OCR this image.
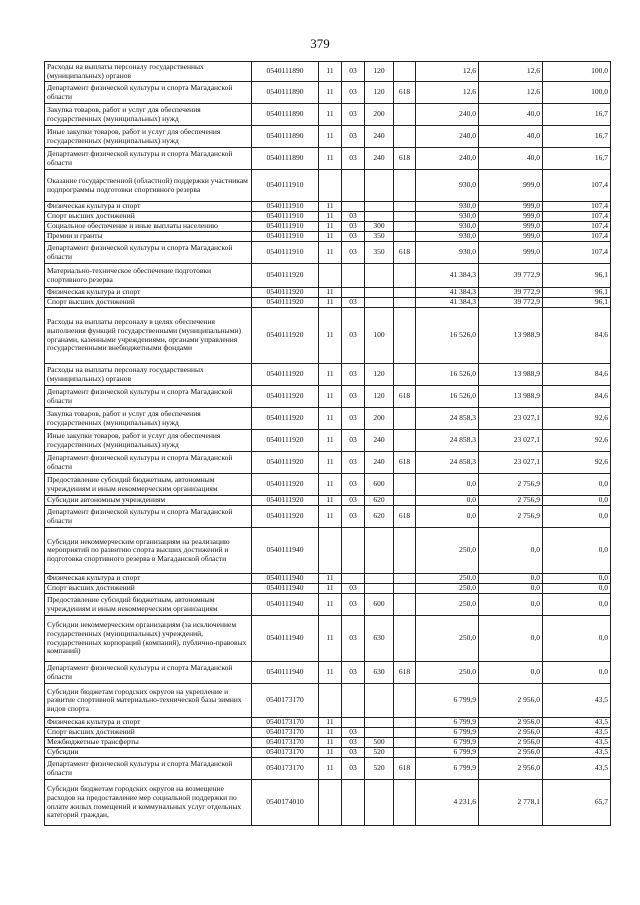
379
Расходы на выплаты персоналу государственных (муниципальных) органов	0540111890	11	03	120		12,6	12,6	100,0
Департамент физической культуры и спорта Магаданской области	0540111890	11	03	120	618	12,6	12,6	100,0
Закупка товаров, работ и услуг для обеспечения государственных (муниципальных) нужд	0540111890	11	03	200		240,0	40,0	16,7
Иные закупки товаров, работ и услуг для обеспечения государственных (муниципальных) нужд	0540111890	11	03	240		240,0	40,0	16,7
Департамент физической культуры и спорта Магаданской области	0540111890	11	03	240	618	240,0	40,0	16,7
Оказание государственной (областной) поддержки участникам подпрограммы подготовки спортивного резерва	0540111910					930,0	999,0	107,4
Физическая культура и спорт	0540111910	11				930,0	999,0	107,4
Спорт высших достижений	0540111910	11	03			930,0	999,0	107,4
Социальное обеспечение и иные выплаты населению	0540111910	11	03	300		930,0	999,0	107,4
Премии и гранты	0540111910	11	03	350		930,0	999,0	107,4
Департамент физической культуры и спорта Магаданской области	0540111910	11	03	350	618	930,0	999,0	107,4
Материально-техническое обеспечение подготовки спортивного резерва	0540111920					41 384,3	39 772,9	96,1
Физическая культура и спорт	0540111920	11				41 384,3	39 772,9	96,1
Спорт высших достижений	0540111920	11	03			41 384,3	39 772,9	96,1
Расходы на выплаты персоналу в целях обеспечения выполнения функций государственными (муниципальными) органами, казенными учреждениями, органами управления государственными внебюджетными фондами	0540111920	11	03	100		16 526,0	13 988,9	84,6
Расходы на выплаты персоналу государственных (муниципальных) органов	0540111920	11	03	120		16 526,0	13 988,9	84,6
Департамент физической культуры и спорта Магаданской области	0540111920	11	03	120	618	16 526,0	13 988,9	84,6
Закупка товаров, работ и услуг для обеспечения государственных (муниципальных) нужд	0540111920	11	03	200		24 858,3	23 027,1	92,6
Иные закупки товаров, работ и услуг для обеспечения государственных (муниципальных) нужд	0540111920	11	03	240		24 858,3	23 027,1	92,6
Департамент физической культуры и спорта Магаданской области	0540111920	11	03	240	618	24 858,3	23 027,1	92,6
Предоставление субсидий бюджетным, автономным учреждениям и иным некоммерческим организациям	0540111920	11	03	600		0,0	2 756,9	0,0
Субсидии автономным учреждениям	0540111920	11	03	620		0,0	2 756,9	0,0
Департамент физической культуры и спорта Магаданской области	0540111920	11	03	620	618	0,0	2 756,9	0,0
Субсидии некоммерческим организациям на реализацию мероприятий по развитию спорта высших достижений и подготовка спортивного резерва в Магаданской области	0540111940					250,0	0,0	0,0
Физическая культура и спорт	0540111940	11				250,0	0,0	0,0
Спорт высших достижений	0540111940	11	03			250,0	0,0	0,0
Предоставление субсидий бюджетным, автономным учреждениям и иным некоммерческим организациям	0540111940	11	03	600		250,0	0,0	0,0
Субсидии некоммерческим организациям (за исключением государственных (муниципальных) учреждений, государственных корпораций (компаний), публично-правовых компаний)	0540111940	11	03	630		250,0	0,0	0,0
Департамент физической культуры и спорта Магаданской области	0540111940	11	03	630	618	250,0	0,0	0,0
Субсидии бюджетам городских округов на укрепление и развитие спортивной материально-технической базы зимних видов спорта	0540173170					6 799,9	2 956,0	43,5
Физическая культура и спорт	0540173170	11				6 799,9	2 956,0	43,5
Спорт высших достижений	0540173170	11	03			6 799,9	2 956,0	43,5
Межбюджетные трансферты	0540173170	11	03	500		6 799,9	2 956,0	43,5
Субсидии	0540173170	11	03	520		6 799,9	2 956,0	43,5
Департамент физической культуры и спорта Магаданской области	0540173170	11	03	520	618	6 799,9	2 956,0	43,5
Субсидии бюджетам городских округов на возмещение расходов на предоставление мер социальной поддержки по оплате жилых помещений и коммунальных услуг отдельных категорий граждан,	0540174010					4 231,6	2 778,1	65,7
